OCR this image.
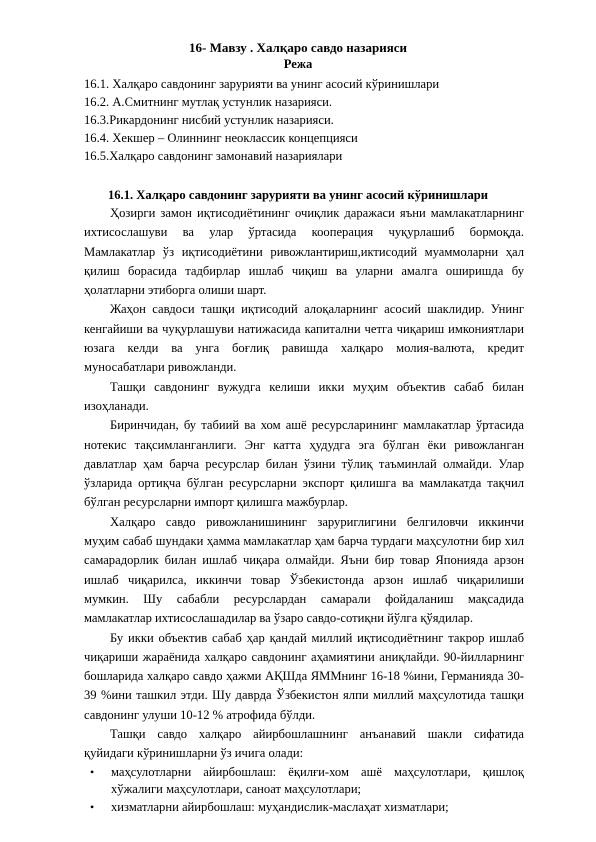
16- Мавзу . Халқаро савдо назарияси
Режа
16.1. Халқаро савдонинг зарурияти ва унинг асосий кўринишлари
16.2. А.Смитнинг мутлақ устунлик назарияси.
16.3.Рикардонинг нисбий устунлик назарияси.
16.4. Хекшер – Олиннинг неоклассик концепцияси
16.5.Халқаро савдонинг замонавий назариялари
16.1. Халқаро савдонинг зарурияти ва унинг асосий кўринишлари

Ҳозирги замон иқтисодиётининг очиқлик даражаси яъни мамлакатларнинг ихтисослашуви ва улар ўртасида кооперация чуқурлашиб бормоқда. Мамлакатлар ўз иқтисодиётини ривожлантириш,иктисодий муаммоларни ҳал қилиш борасида тадбирлар ишлаб чиқиш ва уларни амалга оширишда бу ҳолатларни этиборга олиши шарт.

Жаҳон савдоси ташқи иқтисодий алоқаларнинг асосий шаклидир. Унинг кенгайиши ва чуқурлашуви натижасида капитални четга чиқариш имкониятлари юзага келди ва унга боғлиқ равишда халқаро молия-валюта, кредит муносабатлари ривожланди.

Ташқи савдонинг вужудга келиши икки муҳим объектив сабаб билан изоҳланади.

Биринчидан, бу табиий ва хом ашё ресурсларининг мамлакатлар ўртасида нотекис тақсимланганлиги. Энг катта ҳудудга эга бўлган ёки ривожланган давлатлар ҳам барча ресурслар билан ўзини тўлиқ таъминлай олмайди. Улар ўзларида ортиқча бўлган ресурсларни экспорт қилишга ва мамлакатда тақчил бўлган ресурсларни импорт қилишга мажбурлар.

Халқаро савдо ривожланишининг заруриглигини белгиловчи иккинчи муҳим сабаб шундаки ҳамма мамлакатлар ҳам барча турдаги маҳсулотни бир хил самарадорлик билан ишлаб чиқара олмайди. Яъни бир товар Японияда арзон ишлаб чиқарилса, иккинчи товар Ўзбекистонда арзон ишлаб чиқарилиши мумкин. Шу сабабли ресурслардан самарали фойдаланиш мақсадида мамлакатлар ихтисослашадилар ва ўзаро савдо-сотиқни йўлга қўядилар.

Бу икки объектив сабаб ҳар қандай миллий иқтисодиётнинг такрор ишлаб чиқариши жараёнида халқаро савдонинг аҳамиятини аниқлайди. 90-йилларнинг бошларида халқаро савдо ҳажми АҚШда ЯММнинг 16-18 %ини, Германияда 30-39 %ини ташкил этди. Шу даврда Ўзбекистон ялпи миллий маҳсулотида ташқи савдонинг улуши 10-12 % атрофида бўлди.

Ташқи савдо халқаро айирбошлашнинг анъанавий шакли сифатида қуйидаги кўринишларни ўз ичига олади:

• маҳсулотларни айирбошлаш: ёқилғи-хом ашё маҳсулотлари, қишлоқ хўжалиги маҳсулотлари, саноат маҳсулотлари;
• хизматларни айирбошлаш: муҳандислик-маслаҳат хизматлари;
